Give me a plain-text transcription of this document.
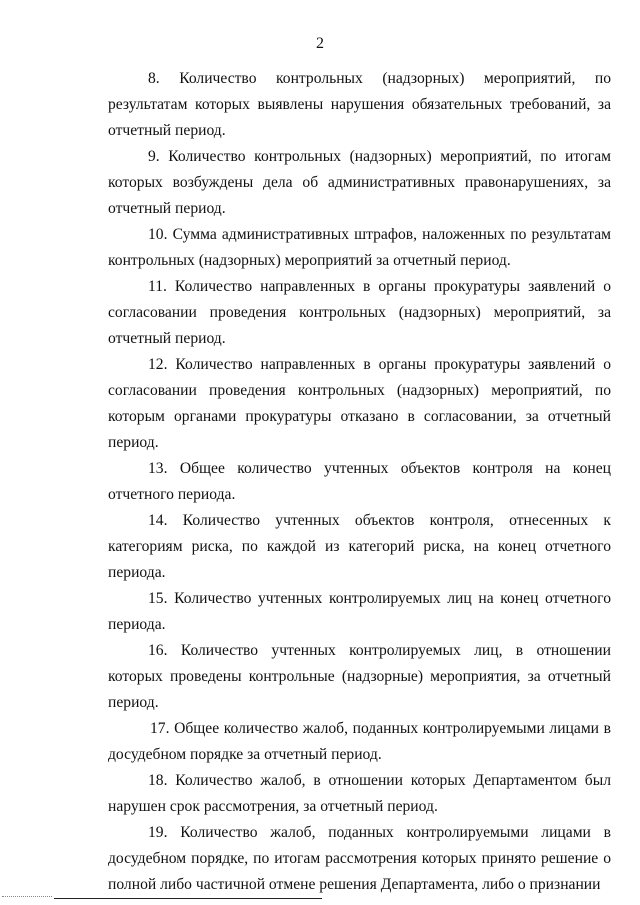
2

8. Количество контрольных (надзорных) мероприятий, по результатам которых выявлены нарушения обязательных требований, за отчетный период.

9. Количество контрольных (надзорных) мероприятий, по итогам которых возбуждены дела об административных правонарушениях, за отчетный период.

10. Сумма административных штрафов, наложенных по результатам контрольных (надзорных) мероприятий за отчетный период.

11. Количество направленных в органы прокуратуры заявлений о согласовании проведения контрольных (надзорных) мероприятий, за отчетный период.

12. Количество направленных в органы прокуратуры заявлений о согласовании проведения контрольных (надзорных) мероприятий, по которым органами прокуратуры отказано в согласовании, за отчетный период.

13. Общее количество учтенных объектов контроля на конец отчетного периода.

14. Количество учтенных объектов контроля, отнесенных к категориям риска, по каждой из категорий риска, на конец отчетного периода.

15. Количество учтенных контролируемых лиц на конец отчетного периода.

16. Количество учтенных контролируемых лиц, в отношении которых проведены контрольные (надзорные) мероприятия, за отчетный период.

17. Общее количество жалоб, поданных контролируемыми лицами в досудебном порядке за отчетный период.

18. Количество жалоб, в отношении которых Департаментом был нарушен срок рассмотрения, за отчетный период.

19. Количество жалоб, поданных контролируемыми лицами в досудебном порядке, по итогам рассмотрения которых принято решение о полной либо частичной отмене решения Департамента, либо о признании
